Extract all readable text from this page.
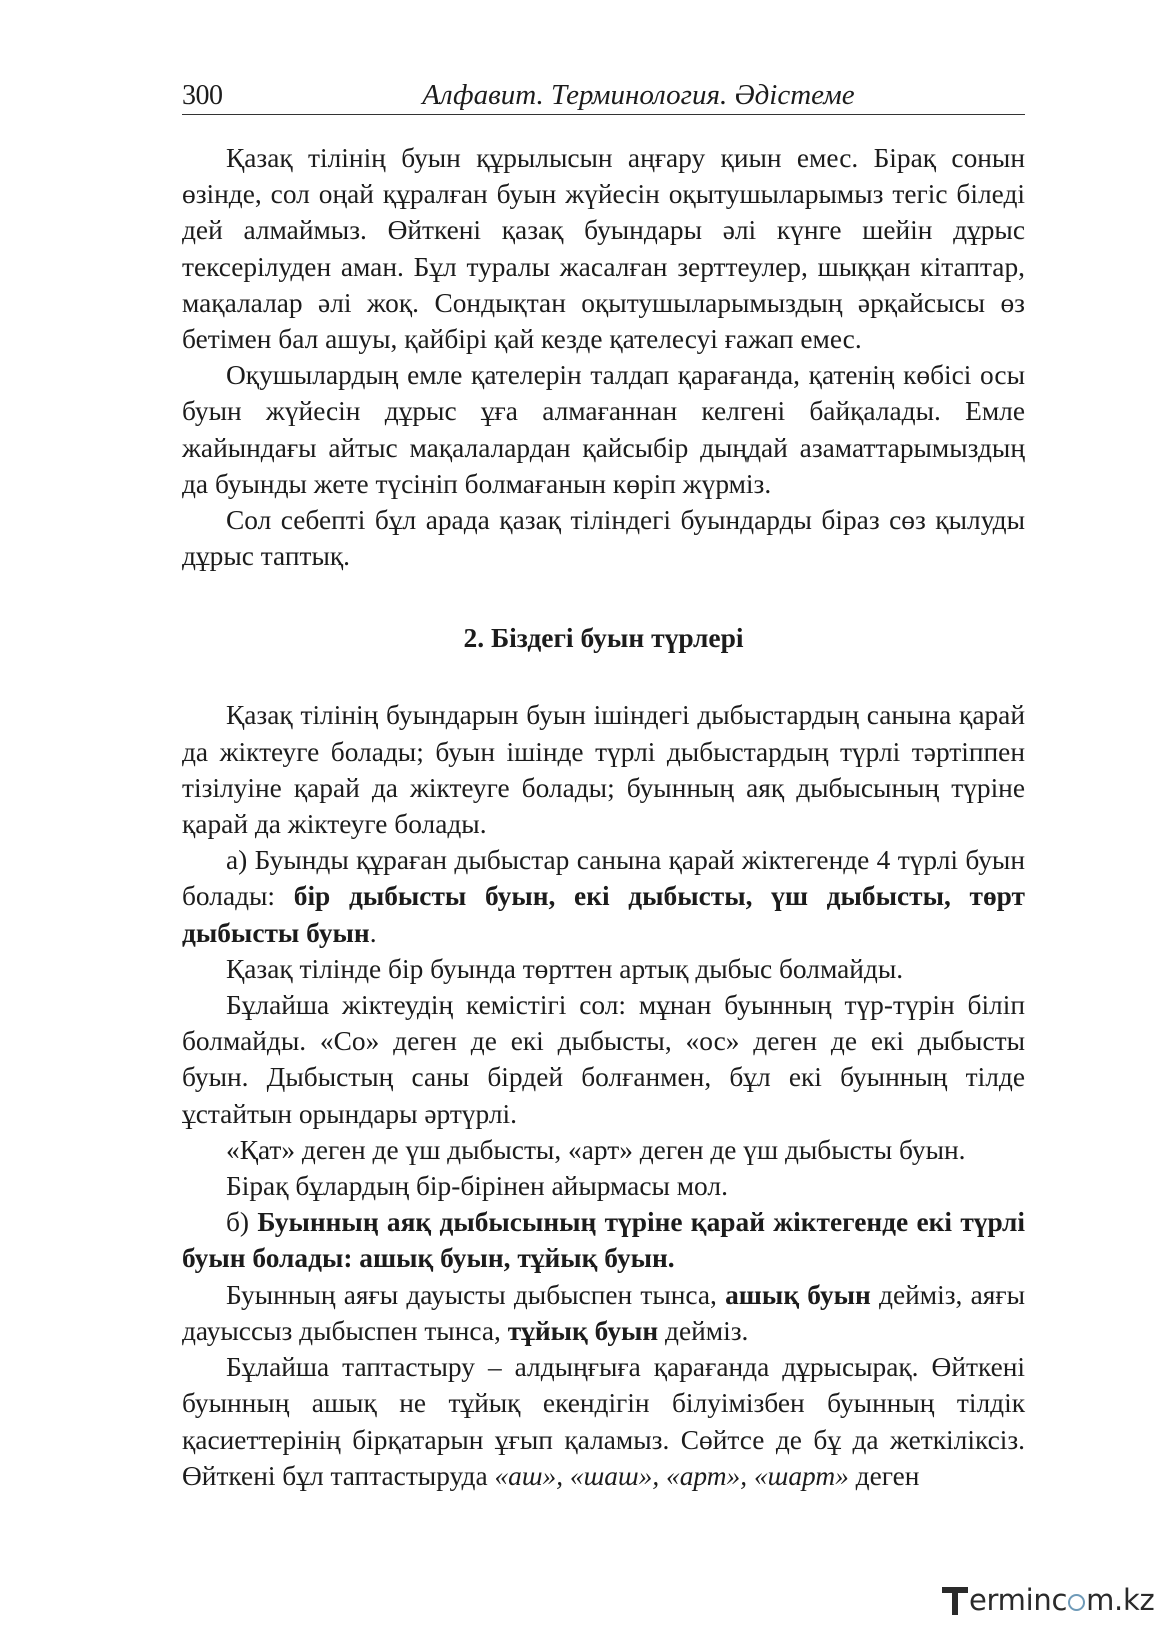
300	Алфавит. Терминология. Әдістеме

Қазақ тілінің буын құрылысын аңғару қиын емес. Бірақ сонын өзінде, сол оңай құралған буын жүйесін оқытушыларымыз тегіс біледі дей алмаймыз. Өйткені қазақ буындары әлі күнге шейін дұрыс тексерілуден аман. Бұл туралы жасалған зерттеулер, шыққан кітаптар, мақалалар әлі жоқ. Сондықтан оқытушыларымыздың әрқайсысы өз бетімен бал ашуы, қайбірі қай кезде қателесуі ғажап емес.

Оқушылардың емле қателерін талдап қарағанда, қатенің көбісі осы буын жүйесін дұрыс ұға алмағаннан келгені байқалады. Емле жайындағы айтыс мақалалардан қайсыбір дыңдай азаматтарымыздың да буынды жете түсініп болмағанын көріп жүрміз.

Сол себепті бұл арада қазақ тіліндегі буындарды біраз сөз қылуды дұрыс таптық.

2. Біздегі буын түрлері

Қазақ тілінің буындарын буын ішіндегі дыбыстардың санына қарай да жіктеуге болады; буын ішінде түрлі дыбыстардың түрлі тәртіппен тізілуіне қарай да жіктеуге болады; буынның аяқ дыбысының түріне қарай да жіктеуге болады.

а) Буынды құраған дыбыстар санына қарай жіктегенде 4 түрлі буын болады: бір дыбысты буын, екі дыбысты, үш дыбысты, төрт дыбысты буын.

Қазақ тілінде бір буында төрттен артық дыбыс болмайды.

Бұлайша жіктеудің кемістігі сол: мұнан буынның түр-түрін біліп болмайды. «Со» деген де екі дыбысты, «ос» деген де екі дыбысты буын. Дыбыстың саны бірдей болғанмен, бұл екі буынның тілде ұстайтын орындары әртүрлі.

«Қат» деген де үш дыбысты, «арт» деген де үш дыбысты буын.

Бірақ бұлардың бір-бірінен айырмасы мол.

б) Буынның аяқ дыбысының түріне қарай жіктегенде екі түрлі буын болады: ашық буын, тұйық буын.

Буынның аяғы дауысты дыбыспен тынса, ашық буын дейміз, аяғы дауыссыз дыбыспен тынса, тұйық буын дейміз.

Бұлайша таптастыру – алдыңғыға қарағанда дұрысырақ. Өйткені буынның ашық не тұйық екендігін білуімізбен буынның тілдік қасиеттерінің бірқатарын ұғып қаламыз. Сөйтсе де бұ да жеткіліксіз. Өйткені бұл таптастыруда «аш», «шаш», «арт», «шарт» деген

erminc m.kz
